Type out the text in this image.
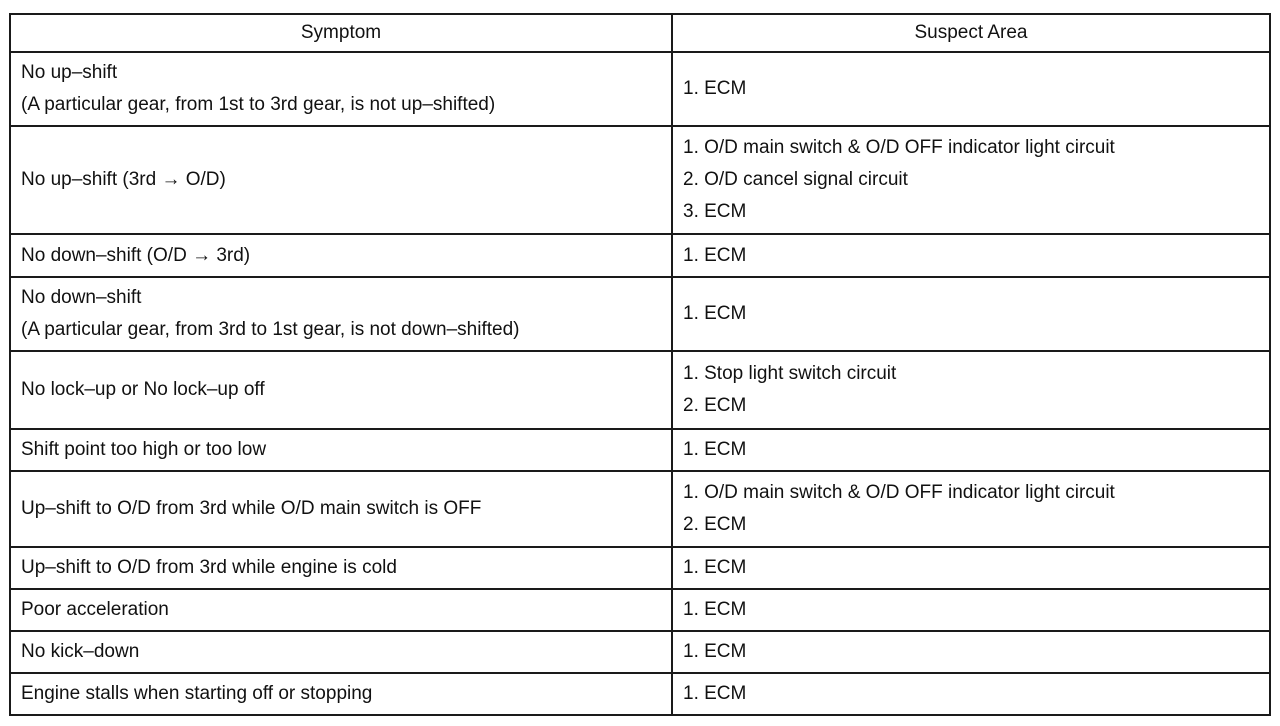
Symptom	Suspect Area

No up–shift
(A particular gear, from 1st to 3rd gear, is not up–shifted)	1. ECM

No up–shift (3rd → O/D)	1. O/D main switch & O/D OFF indicator light circuit
2. O/D cancel signal circuit
3. ECM

No down–shift (O/D → 3rd)	1. ECM

No down–shift
(A particular gear, from 3rd to 1st gear, is not down–shifted)	1. ECM

No lock–up or No lock–up off	1. Stop light switch circuit
2. ECM

Shift point too high or too low	1. ECM

Up–shift to O/D from 3rd while O/D main switch is OFF	1. O/D main switch & O/D OFF indicator light circuit
2. ECM

Up–shift to O/D from 3rd while engine is cold	1. ECM

Poor acceleration	1. ECM

No kick–down	1. ECM

Engine stalls when starting off or stopping	1. ECM
